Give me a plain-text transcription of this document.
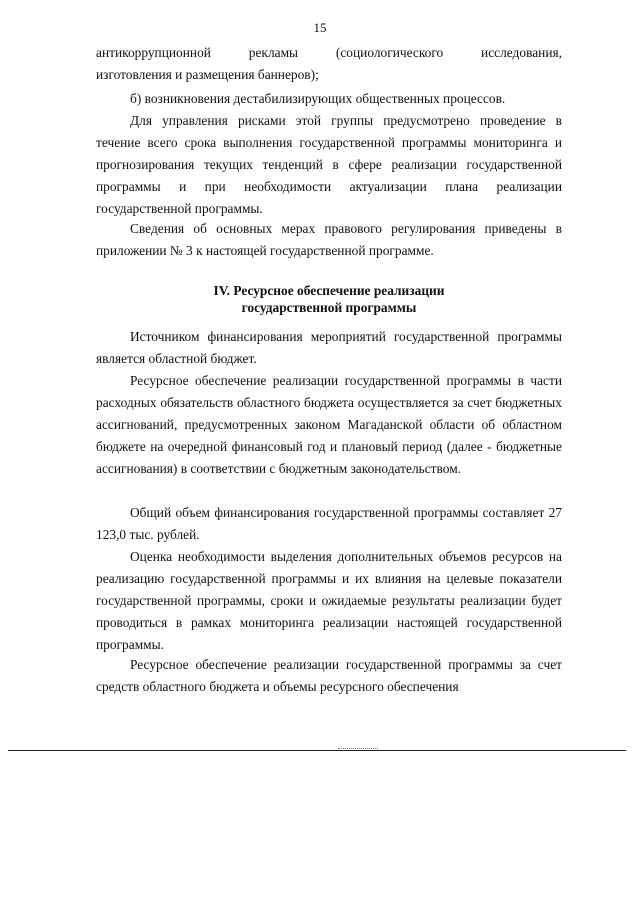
15
антикоррупционной рекламы (социологического исследования,
изготовления и размещения баннеров);
б) возникновения дестабилизирующих общественных процессов.
Для управления рисками этой группы предусмотрено проведение в течение всего срока выполнения государственной программы мониторинга и прогнозирования текущих тенденций в сфере реализации государственной программы и при необходимости актуализации плана реализации государственной программы.
Сведения об основных мерах правового регулирования приведены в приложении № 3 к настоящей государственной программе.
IV. Ресурсное обеспечение реализации
государственной программы
Источником финансирования мероприятий государственной программы является областной бюджет.
Ресурсное обеспечение реализации государственной программы в части расходных обязательств областного бюджета осуществляется за счет бюджетных ассигнований, предусмотренных законом Магаданской области об областном бюджете на очередной финансовый год и плановый период (далее - бюджетные ассигнования) в соответствии с бюджетным законодательством.
Общий объем финансирования государственной программы составляет 27 123,0 тыс. рублей.
Оценка необходимости выделения дополнительных объемов ресурсов на реализацию государственной программы и их влияния на целевые показатели государственной программы, сроки и ожидаемые результаты реализации будет проводиться в рамках мониторинга реализации настоящей государственной программы.
Ресурсное обеспечение реализации государственной программы за счет средств областного бюджета и объемы ресурсного обеспечения
